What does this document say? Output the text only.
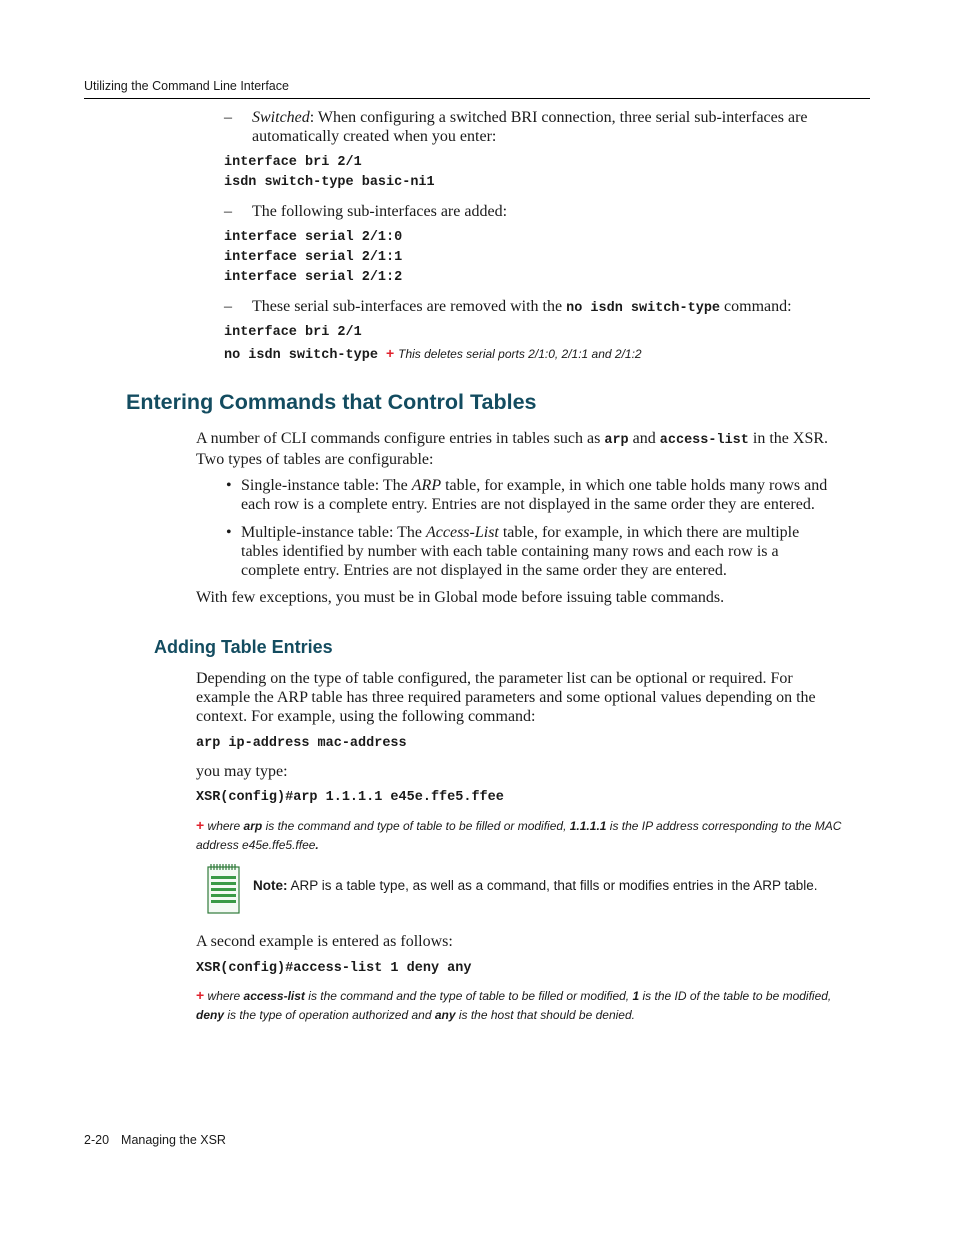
Utilizing the Command Line Interface
– Switched: When configuring a switched BRI connection, three serial sub-interfaces are
automatically created when you enter:
interface bri 2/1
isdn switch-type basic-ni1
– The following sub-interfaces are added:
interface serial 2/1:0
interface serial 2/1:1
interface serial 2/1:2
– These serial sub-interfaces are removed with the no isdn switch-type command:
interface bri 2/1
no isdn switch-type + This deletes serial ports 2/1:0, 2/1:1 and 2/1:2
Entering Commands that Control Tables
A number of CLI commands configure entries in tables such as arp and access-list in the XSR.
Two types of tables are configurable:
• Single-instance table: The ARP table, for example, in which one table holds many rows and
each row is a complete entry. Entries are not displayed in the same order they are entered.
• Multiple-instance table: The Access-List table, for example, in which there are multiple
tables identified by number with each table containing many rows and each row is a
complete entry. Entries are not displayed in the same order they are entered.
With few exceptions, you must be in Global mode before issuing table commands.
Adding Table Entries
Depending on the type of table configured, the parameter list can be optional or required. For
example the ARP table has three required parameters and some optional values depending on the
context. For example, using the following command:
arp ip-address mac-address
you may type:
XSR(config)#arp 1.1.1.1 e45e.ffe5.ffee
+ where arp is the command and type of table to be filled or modified, 1.1.1.1 is the IP address corresponding to the MAC
address e45e.ffe5.ffee.
Note: ARP is a table type, as well as a command, that fills or modifies entries in the ARP table.
A second example is entered as follows:
XSR(config)#access-list 1 deny any
+ where access-list is the command and the type of table to be filled or modified, 1 is the ID of the table to be modified,
deny is the type of operation authorized and any is the host that should be denied.
2-20 Managing the XSR
